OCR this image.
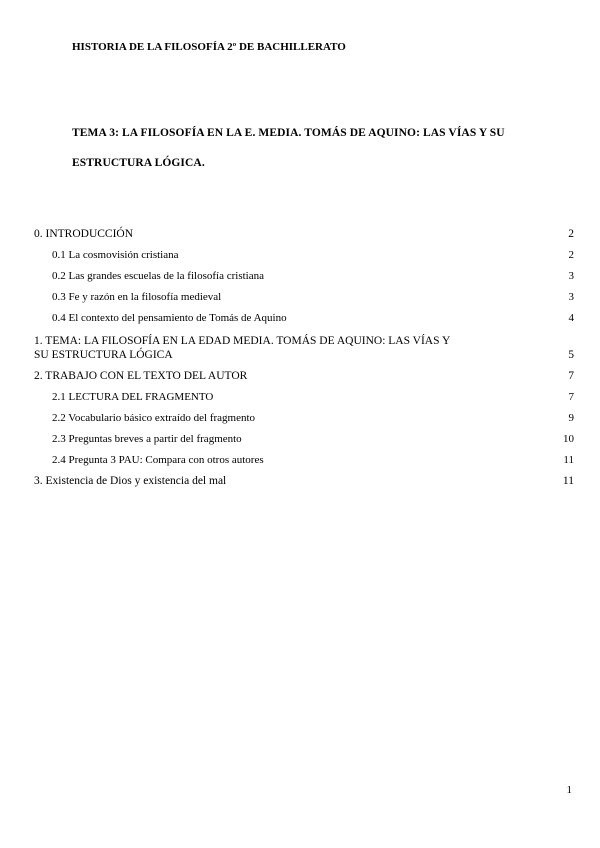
HISTORIA DE LA FILOSOFÍA 2º DE BACHILLERATO
TEMA 3: LA FILOSOFÍA EN LA E. MEDIA. TOMÁS DE AQUINO: LAS VÍAS Y SU ESTRUCTURA LÓGICA.
0. INTRODUCCIÓN	2
0.1 La cosmovisión cristiana	2
0.2 Las grandes escuelas de la filosofía cristiana	3
0.3 Fe y razón en la filosofía medieval	3
0.4 El contexto del pensamiento de Tomás de Aquino	4
1. TEMA: LA FILOSOFÍA EN LA EDAD MEDIA. TOMÁS DE AQUINO: LAS VÍAS Y SU ESTRUCTURA LÓGICA	5
2. TRABAJO CON EL TEXTO DEL AUTOR	7
2.1 LECTURA DEL FRAGMENTO	7
2.2 Vocabulario básico extraído del fragmento	9
2.3 Preguntas breves a partir del fragmento	10
2.4 Pregunta 3 PAU: Compara con otros autores	11
3. Existencia de Dios y existencia del mal	11
1
